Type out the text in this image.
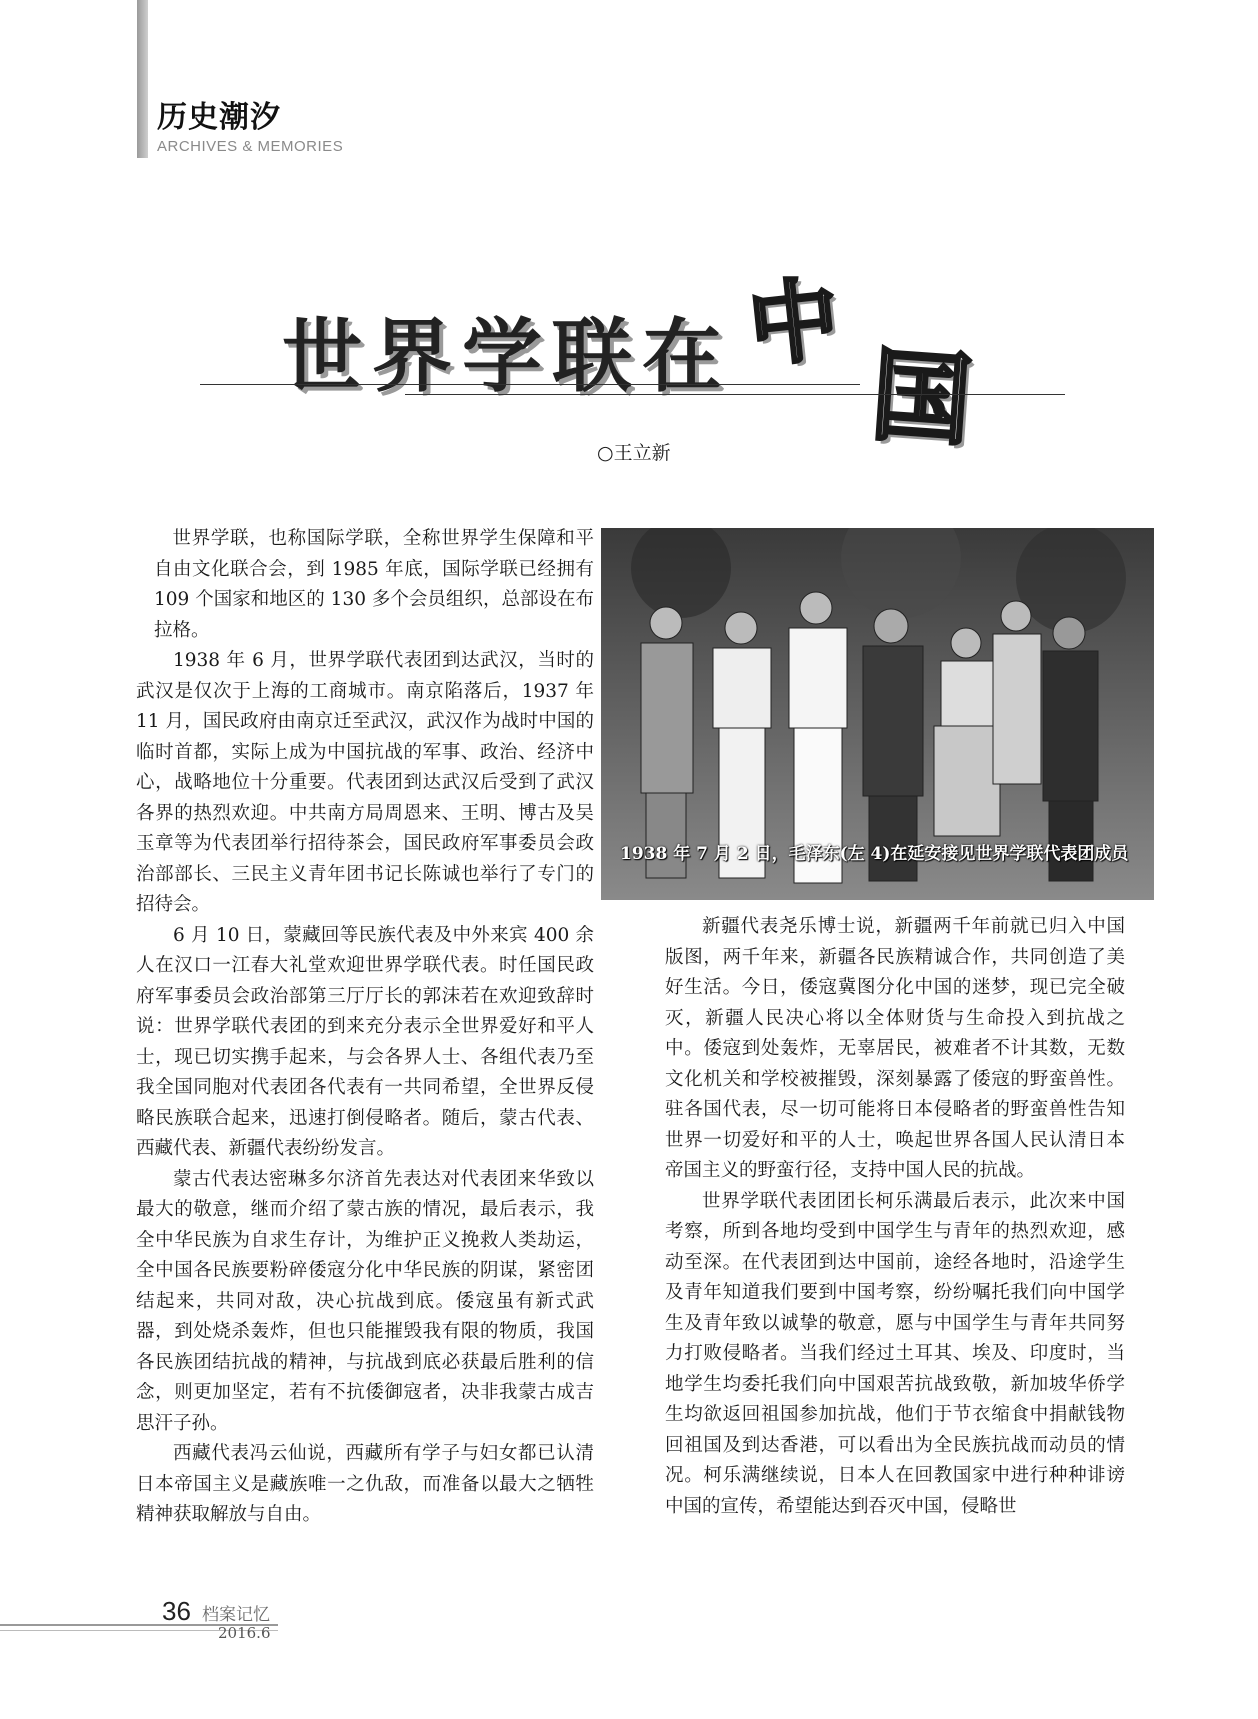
历史潮汐
ARCHIVES & MEMORIES
世界学联在 中
国
○王立新

世界学联，也称国际学联，全称世界学生保障和平自由文化联合会，到 1985 年底，国际学联已经拥有 109 个国家和地区的 130 多个会员组织，总部设在布拉格。

1938 年 6 月，世界学联代表团到达武汉，当时的武汉是仅次于上海的工商城市。南京陷落后，1937 年 11 月，国民政府由南京迁至武汉，武汉作为战时中国的临时首都，实际上成为中国抗战的军事、政治、经济中心，战略地位十分重要。代表团到达武汉后受到了武汉各界的热烈欢迎。中共南方局周恩来、王明、博古及吴玉章等为代表团举行招待茶会，国民政府军事委员会政治部部长、三民主义青年团书记长陈诚也举行了专门的招待会。

6 月 10 日，蒙藏回等民族代表及中外来宾 400 余人在汉口一江春大礼堂欢迎世界学联代表。时任国民政府军事委员会政治部第三厅厅长的郭沫若在欢迎致辞时说：世界学联代表团的到来充分表示全世界爱好和平人士，现已切实携手起来，与会各界人士、各组代表乃至我全国同胞对代表团各代表有一共同希望，全世界反侵略民族联合起来，迅速打倒侵略者。随后，蒙古代表、西藏代表、新疆代表纷纷发言。

蒙古代表达密琳多尔济首先表达对代表团来华致以最大的敬意，继而介绍了蒙古族的情况，最后表示，我全中华民族为自求生存计，为维护正义挽救人类劫运，全中国各民族要粉碎倭寇分化中华民族的阴谋，紧密团结起来，共同对敌，决心抗战到底。倭寇虽有新式武器，到处烧杀轰炸，但也只能摧毁我有限的物质，我国各民族团结抗战的精神，与抗战到底必获最后胜利的信念，则更加坚定，若有不抗倭御寇者，决非我蒙古成吉思汗子孙。

西藏代表冯云仙说，西藏所有学子与妇女都已认清日本帝国主义是藏族唯一之仇敌，而准备以最大之牺牲精神获取解放与自由。

1938 年 7 月 2 日，毛泽东(左 4)在延安接见世界学联代表团成员

新疆代表尧乐博士说，新疆两千年前就已归入中国版图，两千年来，新疆各民族精诚合作，共同创造了美好生活。今日，倭寇冀图分化中国的迷梦，现已完全破灭，新疆人民决心将以全体财货与生命投入到抗战之中。倭寇到处轰炸，无辜居民，被难者不计其数，无数文化机关和学校被摧毁，深刻暴露了倭寇的野蛮兽性。驻各国代表，尽一切可能将日本侵略者的野蛮兽性告知世界一切爱好和平的人士，唤起世界各国人民认清日本帝国主义的野蛮行径，支持中国人民的抗战。

世界学联代表团团长柯乐满最后表示，此次来中国考察，所到各地均受到中国学生与青年的热烈欢迎，感动至深。在代表团到达中国前，途经各地时，沿途学生及青年知道我们要到中国考察，纷纷嘱托我们向中国学生及青年致以诚挚的敬意，愿与中国学生与青年共同努力打败侵略者。当我们经过土耳其、埃及、印度时，当地学生均委托我们向中国艰苦抗战致敬，新加坡华侨学生均欲返回祖国参加抗战，他们于节衣缩食中捐献钱物回祖国及到达香港，可以看出为全民族抗战而动员的情况。柯乐满继续说，日本人在回教国家中进行种种诽谤中国的宣传，希望能达到吞灭中国，侵略世

36 档案记忆
2016.6
